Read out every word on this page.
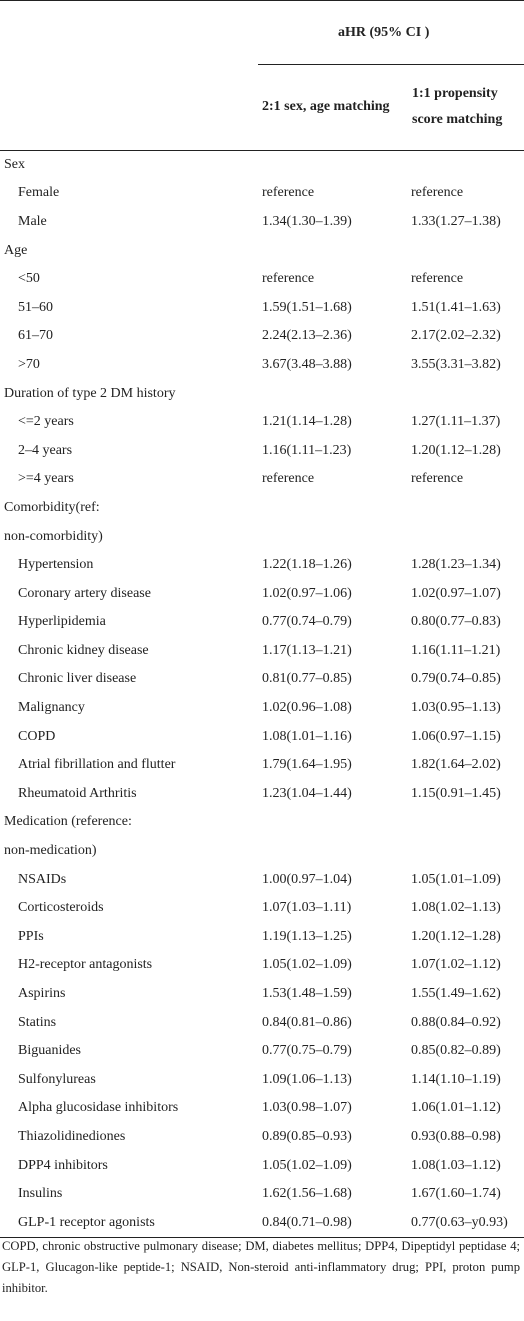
	aHR (95% CI )	
	2:1 sex, age matching	1:1 propensity score matching
Sex		
Female	reference	reference
Male	1.34(1.30–1.39)	1.33(1.27–1.38)
Age		
<50	reference	reference
51–60	1.59(1.51–1.68)	1.51(1.41–1.63)
61–70	2.24(2.13–2.36)	2.17(2.02–2.32)
>70	3.67(3.48–3.88)	3.55(3.31–3.82)
Duration of type 2 DM history		
<=2 years	1.21(1.14–1.28)	1.27(1.11–1.37)
2–4 years	1.16(1.11–1.23)	1.20(1.12–1.28)
>=4 years	reference	reference
Comorbidity(ref:		
non-comorbidity)		
Hypertension	1.22(1.18–1.26)	1.28(1.23–1.34)
Coronary artery disease	1.02(0.97–1.06)	1.02(0.97–1.07)
Hyperlipidemia	0.77(0.74–0.79)	0.80(0.77–0.83)
Chronic kidney disease	1.17(1.13–1.21)	1.16(1.11–1.21)
Chronic liver disease	0.81(0.77–0.85)	0.79(0.74–0.85)
Malignancy	1.02(0.96–1.08)	1.03(0.95–1.13)
COPD	1.08(1.01–1.16)	1.06(0.97–1.15)
Atrial fibrillation and flutter	1.79(1.64–1.95)	1.82(1.64–2.02)
Rheumatoid Arthritis	1.23(1.04–1.44)	1.15(0.91–1.45)
Medication (reference:		
non-medication)		
NSAIDs	1.00(0.97–1.04)	1.05(1.01–1.09)
Corticosteroids	1.07(1.03–1.11)	1.08(1.02–1.13)
PPIs	1.19(1.13–1.25)	1.20(1.12–1.28)
H2-receptor antagonists	1.05(1.02–1.09)	1.07(1.02–1.12)
Aspirins	1.53(1.48–1.59)	1.55(1.49–1.62)
Statins	0.84(0.81–0.86)	0.88(0.84–0.92)
Biguanides	0.77(0.75–0.79)	0.85(0.82–0.89)
Sulfonylureas	1.09(1.06–1.13)	1.14(1.10–1.19)
Alpha glucosidase inhibitors	1.03(0.98–1.07)	1.06(1.01–1.12)
Thiazolidinediones	0.89(0.85–0.93)	0.93(0.88–0.98)
DPP4 inhibitors	1.05(1.02–1.09)	1.08(1.03–1.12)
Insulins	1.62(1.56–1.68)	1.67(1.60–1.74)
GLP-1 receptor agonists	0.84(0.71–0.98)	0.77(0.63–y0.93)
COPD, chronic obstructive pulmonary disease; DM, diabetes mellitus; DPP4, Dipeptidyl peptidase 4; GLP-1, Glucagon-like peptide-1; NSAID, Non-steroid anti-inflammatory drug; PPI, proton pump inhibitor.
